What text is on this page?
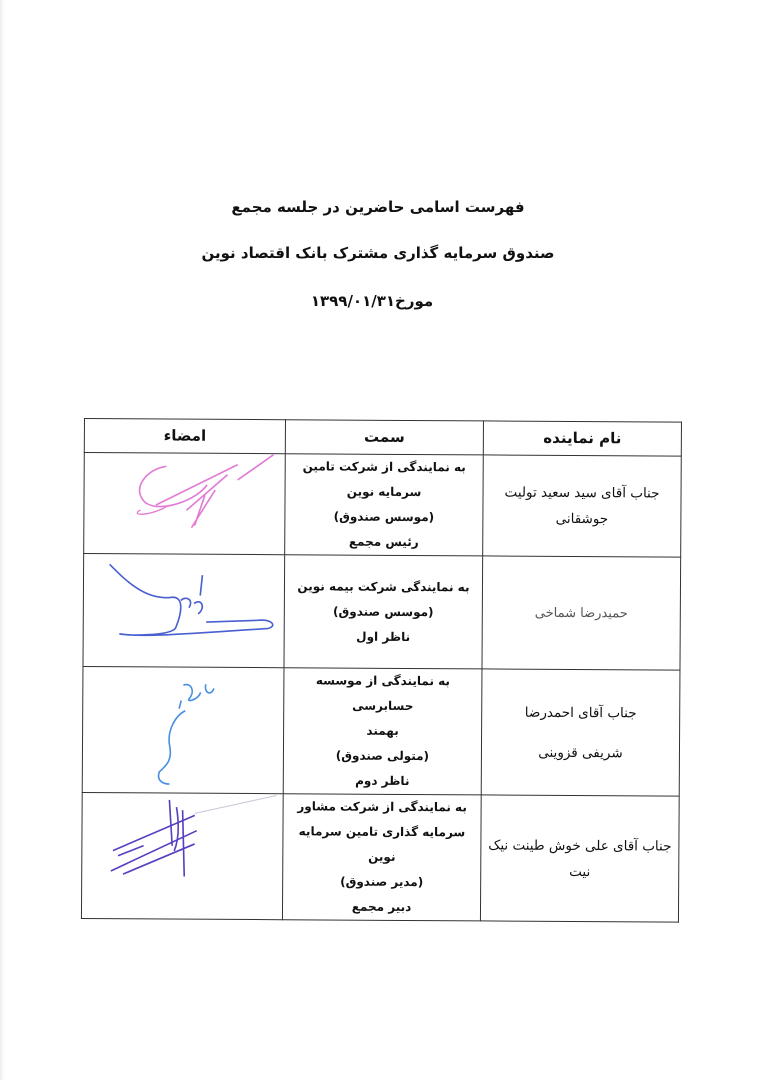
فهرست اسامی حاضرین در جلسه مجمع
صندوق سرمایه گذاری مشترک بانک اقتصاد نوین
مورخ۱۳۹۹/۰۱/۳۱
نام نماینده	سمت	امضاء

جناب آقای سید سعید تولیت
جوشقانی	به نمایندگی از شرکت تامین
سرمایه نوین
(موسس صندوق)
رئیس مجمع

حمیدرضا شماخی	به نمایندگی شرکت بیمه نوین
(موسس صندوق)
ناظر اول

جناب آقای احمدرضا
شریفی قزوینی	به نمایندگی از موسسه حسابرسی
بهمند
(متولی صندوق)
ناظر دوم

جناب آقای علی خوش طینت نیک
نیت	به نمایندگی از شرکت مشاور
سرمایه گذاری تامین سرمایه نوین
(مدیر صندوق)
دبیر مجمع
